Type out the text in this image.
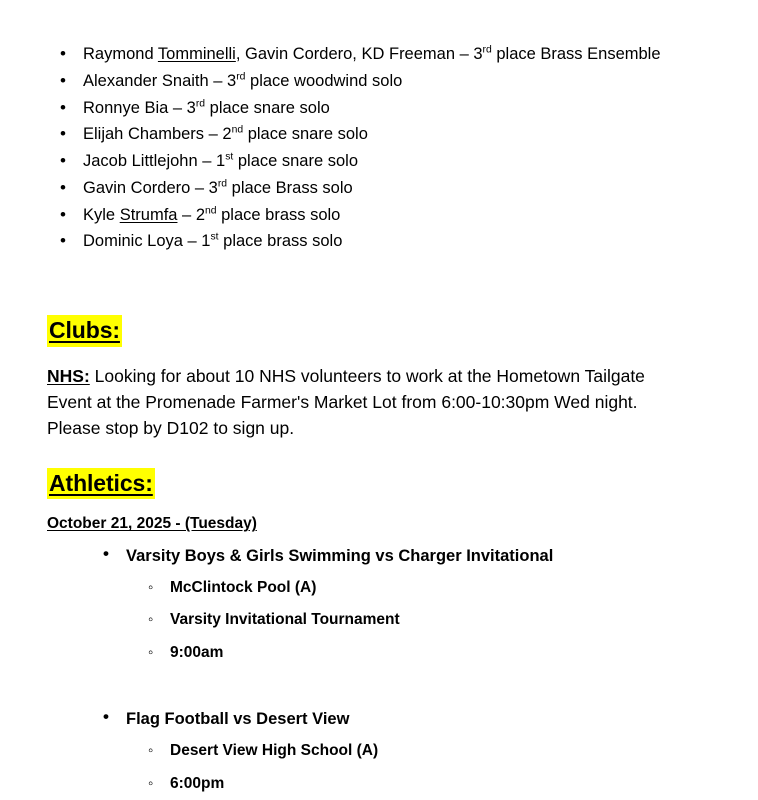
• Raymond Tomminelli, Gavin Cordero, KD Freeman – 3rd place Brass Ensemble
• Alexander Snaith – 3rd place woodwind solo
• Ronnye Bia – 3rd place snare solo
• Elijah Chambers – 2nd place snare solo
• Jacob Littlejohn – 1st place snare solo
• Gavin Cordero – 3rd place Brass solo
• Kyle Strumfa – 2nd place brass solo
• Dominic Loya – 1st place brass solo
Clubs:

NHS: Looking for about 10 NHS volunteers to work at the Hometown Tailgate Event at the Promenade Farmer's Market Lot from 6:00-10:30pm Wed night. Please stop by D102 to sign up.

Athletics:
October 21, 2025 - (Tuesday)
• Varsity Boys & Girls Swimming vs Charger Invitational
◦ McClintock Pool (A)
◦ Varsity Invitational Tournament
◦ 9:00am
• Flag Football vs Desert View
◦ Desert View High School (A)
◦ 6:00pm
